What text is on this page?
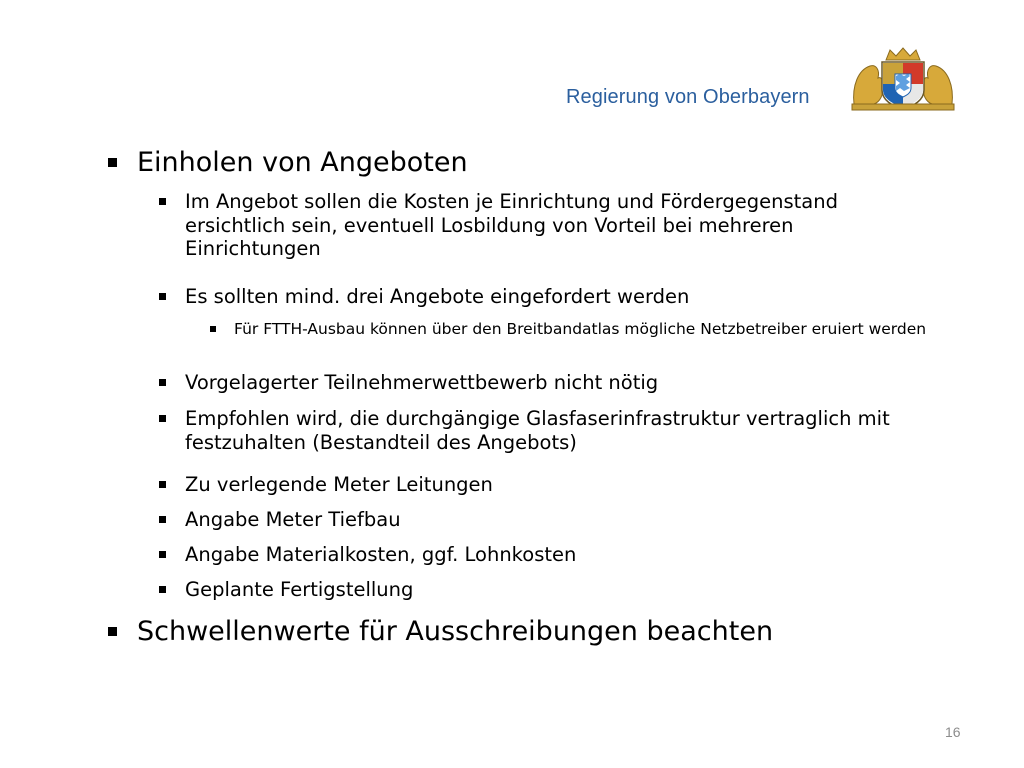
Regierung von Oberbayern
Einholen von Angeboten
Im Angebot sollen die Kosten je Einrichtung und Fördergegenstand ersichtlich sein, eventuell Losbildung von Vorteil bei mehreren Einrichtungen
Es sollten mind. drei Angebote eingefordert werden
Für FTTH-Ausbau können über den Breitbandatlas mögliche Netzbetreiber eruiert werden
Vorgelagerter Teilnehmerwettbewerb nicht nötig
Empfohlen wird, die durchgängige Glasfaserinfrastruktur vertraglich mit festzuhalten (Bestandteil des Angebots)
Zu verlegende Meter Leitungen
Angabe Meter Tiefbau
Angabe Materialkosten, ggf. Lohnkosten
Geplante Fertigstellung
Schwellenwerte für Ausschreibungen beachten
16
